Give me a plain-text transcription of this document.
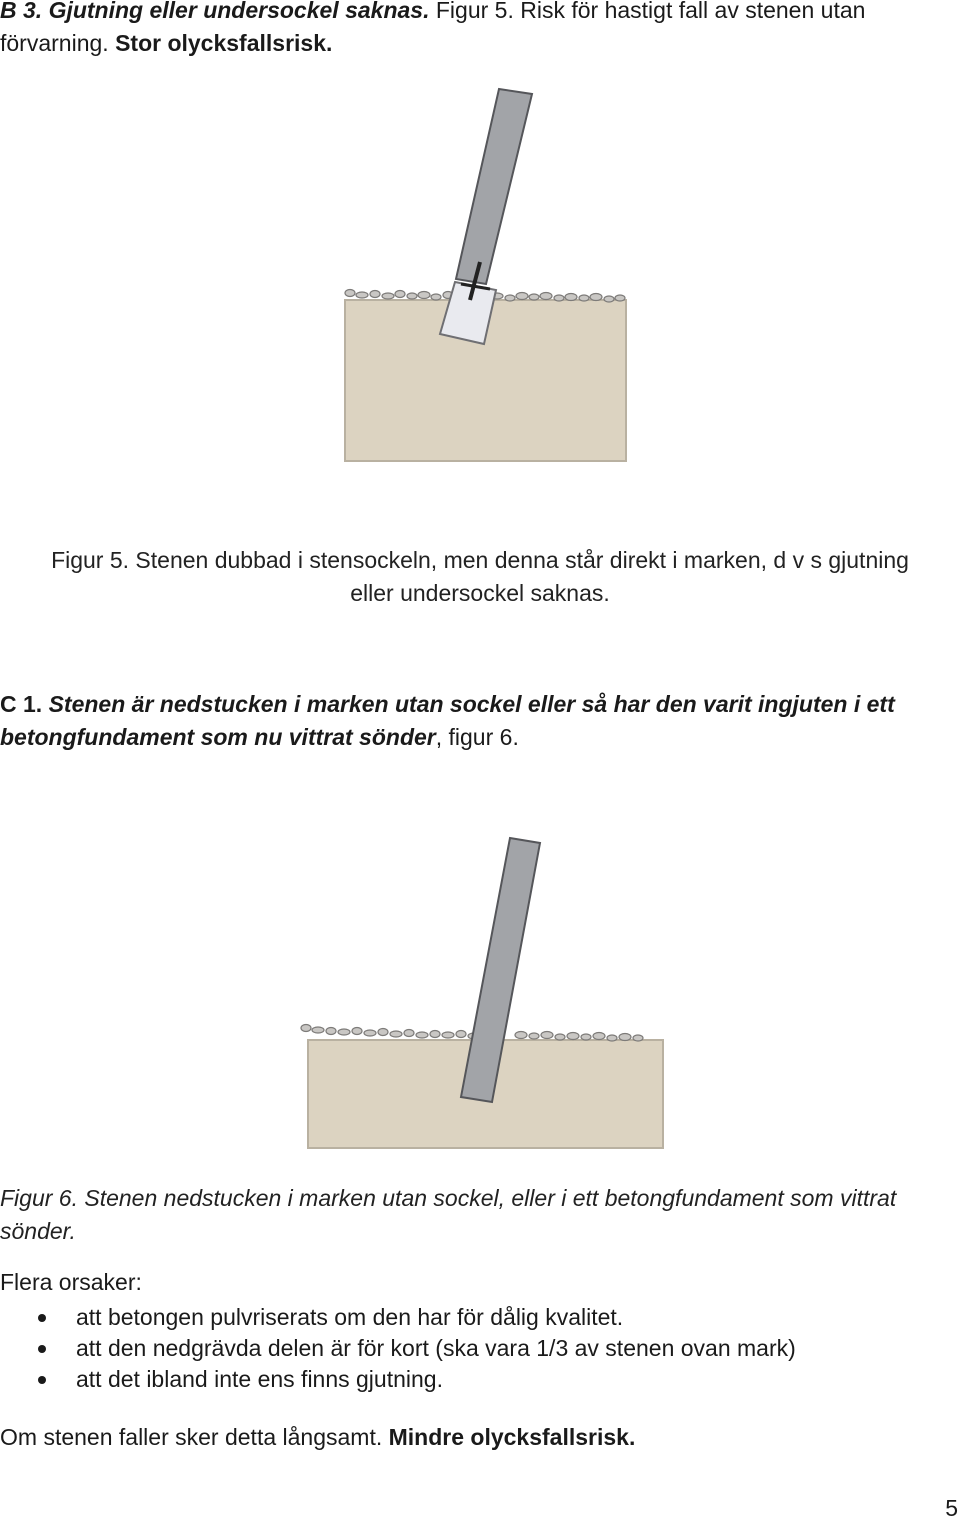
B 3. Gjutning eller undersockel saknas. Figur 5. Risk för hastigt fall av stenen utan förvarning. Stor olycksfallsrisk.
Figur 5. Stenen dubbad i stensockeln, men denna står direkt i marken, d v s gjutning
eller undersockel saknas.
C 1. Stenen är nedstucken i marken utan sockel eller så har den varit ingjuten i ett betongfundament som nu vittrat sönder, figur 6.
Figur 6. Stenen nedstucken i marken utan sockel, eller i ett betongfundament som vittrat sönder.
Flera orsaker:
att betongen pulvriserats om den har för dålig kvalitet.
att den nedgrävda delen är för kort (ska vara 1/3 av stenen ovan mark)
att det ibland inte ens finns gjutning.
Om stenen faller sker detta långsamt. Mindre olycksfallsrisk.
5
